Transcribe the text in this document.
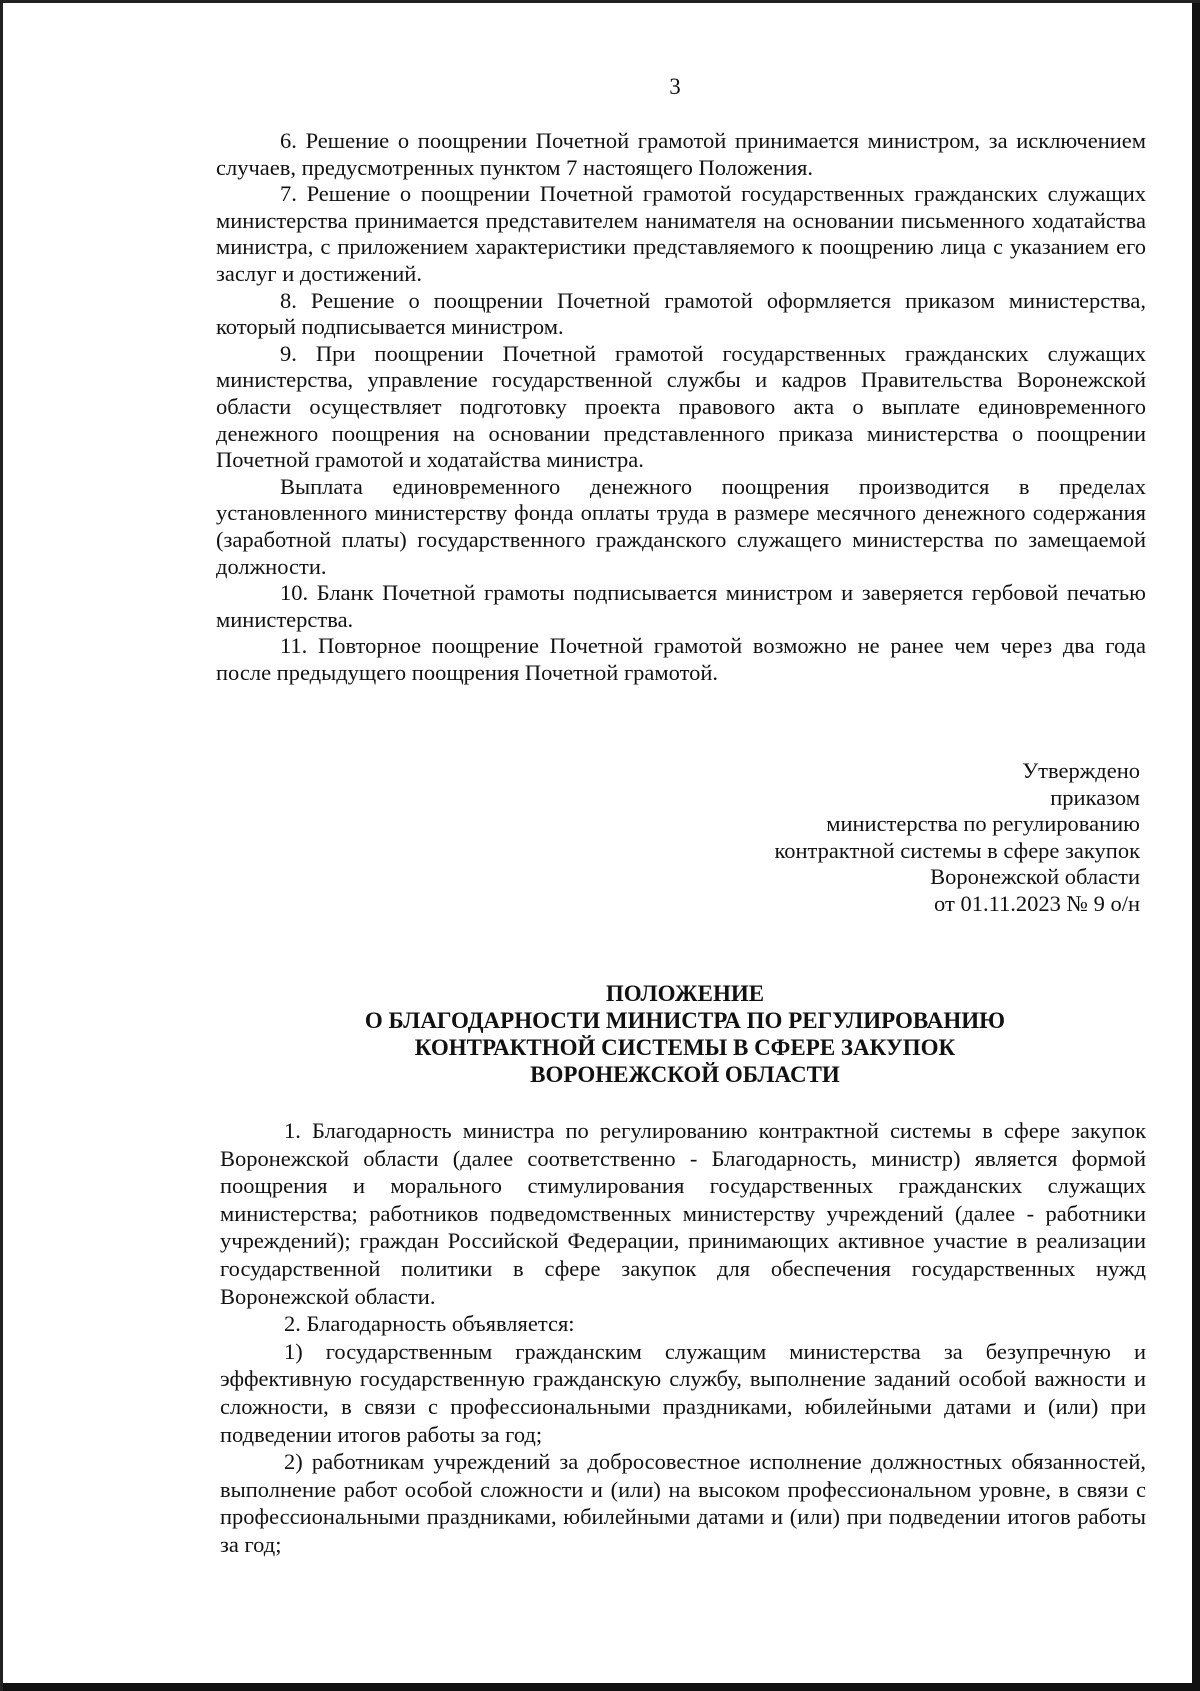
3

6. Решение о поощрении Почетной грамотой принимается министром, за исключением случаев, предусмотренных пунктом 7 настоящего Положения.

7. Решение о поощрении Почетной грамотой государственных гражданских служащих министерства принимается представителем нанимателя на основании письменного ходатайства министра, с приложением характеристики представляемого к поощрению лица с указанием его заслуг и достижений.

8. Решение о поощрении Почетной грамотой оформляется приказом министерства, который подписывается министром.

9. При поощрении Почетной грамотой государственных гражданских служащих министерства, управление государственной службы и кадров Правительства Воронежской области осуществляет подготовку проекта правового акта о выплате единовременного денежного поощрения на основании представленного приказа министерства о поощрении Почетной грамотой и ходатайства министра.

Выплата единовременного денежного поощрения производится в пределах установленного министерству фонда оплаты труда в размере месячного денежного содержания (заработной платы) государственного гражданского служащего министерства по замещаемой должности.

10. Бланк Почетной грамоты подписывается министром и заверяется гербовой печатью министерства.

11. Повторное поощрение Почетной грамотой возможно не ранее чем через два года после предыдущего поощрения Почетной грамотой.

Утверждено
приказом
министерства по регулированию
контрактной системы в сфере закупок
Воронежской области
от 01.11.2023 № 9 о/н
ПОЛОЖЕНИЕ
О БЛАГОДАРНОСТИ МИНИСТРА ПО РЕГУЛИРОВАНИЮ
КОНТРАКТНОЙ СИСТЕМЫ В СФЕРЕ ЗАКУПОК
ВОРОНЕЖСКОЙ ОБЛАСТИ

1. Благодарность министра по регулированию контрактной системы в сфере закупок Воронежской области (далее соответственно - Благодарность, министр) является формой поощрения и морального стимулирования государственных гражданских служащих министерства; работников подведомственных министерству учреждений (далее - работники учреждений); граждан Российской Федерации, принимающих активное участие в реализации государственной политики в сфере закупок для обеспечения государственных нужд Воронежской области.

2. Благодарность объявляется:

1) государственным гражданским служащим министерства за безупречную и эффективную государственную гражданскую службу, выполнение заданий особой важности и сложности, в связи с профессиональными праздниками, юбилейными датами и (или) при подведении итогов работы за год;

2) работникам учреждений за добросовестное исполнение должностных обязанностей, выполнение работ особой сложности и (или) на высоком профессиональном уровне, в связи с профессиональными праздниками, юбилейными датами и (или) при подведении итогов работы за год;
